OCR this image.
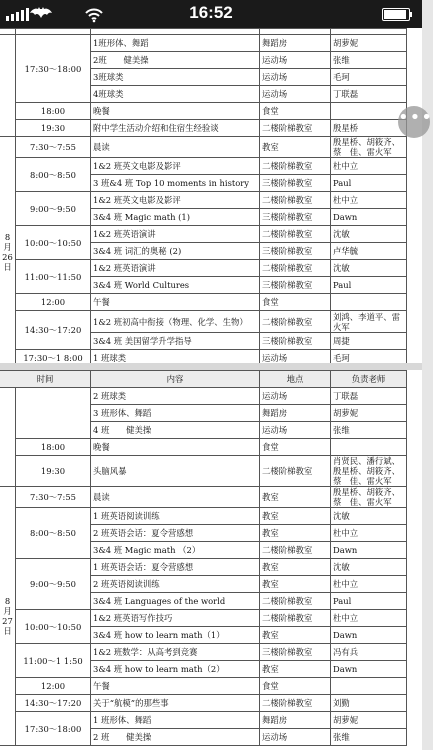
16:52

	17:30～18:00	1班形体、舞蹈	舞蹈房	胡萝妮
		2班　　健美操	运动场	张维
		3班球类	运动场	毛珂
		4班球类	运动场	丁联磊
	18:00	晚餐	食堂	
	19:30	附中学生活动介绍和住宿生经验谈	二楼阶梯教室	殷星桥
8
月
26
日	7:30～7:55	晨读	教室	殷星桥、胡筱齐、蔡　佳、雷火军
	8:00～8:50	1&2 班英文电影及影评	二楼阶梯教室	杜中立
		3 班&4 班 Top 10 moments in history	三楼阶梯教室	Paul
	9:00～9:50	1&2 班英文电影及影评	二楼阶梯教室	杜中立
		3&4 班 Magic math (1)	三楼阶梯教室	Dawn
	10:00～10:50	1&2 班英语演讲	二楼阶梯教室	沈敏
		3&4 班 词汇的奥秘 (2)	三楼阶梯教室	卢华毓
	11:00～11:50	1&2 班英语演讲	二楼阶梯教室	沈敏
		3&4 班 World Cultures	三楼阶梯教室	Paul
	12:00	午餐	食堂	
	14:30～17:20	1&2 班初高中衔接（物理、化学、生物）	二楼阶梯教室	刘鸿、李道平、雷火军
		3&4 班 美国留学升学指导	三楼阶梯教室	周捷
	17:30～1 8:00	1 班球类	运动场	毛珂
时间		内容	地点	负责老师
		2 班球类	运动场	丁联磊
		3 班形体、舞蹈	舞蹈房	胡萝妮
		4 班　　健美操	运动场	张维
	18:00	晚餐	食堂	
	19:30	头脑风暴	二楼阶梯教室	肖贤民、潘行斌、殷星桥、胡筱齐、蔡　佳、雷火军
8
月
27
日	7:30～7:55	晨读	教室	殷星桥、胡筱齐、蔡　佳、雷火军
	8:00～8:50	1 班英语阅读训练	教室	沈敏
		2 班英语会话：夏令营感想	教室	杜中立
		3&4 班 Magic math （2）	二楼阶梯教室	Dawn
	9:00～9:50	1 班英语会话：夏令营感想	教室	沈敏
		2 班英语阅读训练	教室	杜中立
		3&4 班 Languages of the world	二楼阶梯教室	Paul
	10:00～10:50	1&2 班英语写作技巧	二楼阶梯教室	杜中立
		3&4 班 how to learn math（1）	教室	Dawn
	11:00～1 1:50	1&2 班数学：从高考到竞赛	三楼阶梯教室	冯有兵
		3&4 班 how to learn math（2）	教室	Dawn
	12:00	午餐	食堂	
	14:30～17:20	关于“航模”的那些事	二楼阶梯教室	刘勤
	17:30～18:00	1 班形体、舞蹈	舞蹈房	胡萝妮
		2 班　　健美操	运动场	张维
•••
